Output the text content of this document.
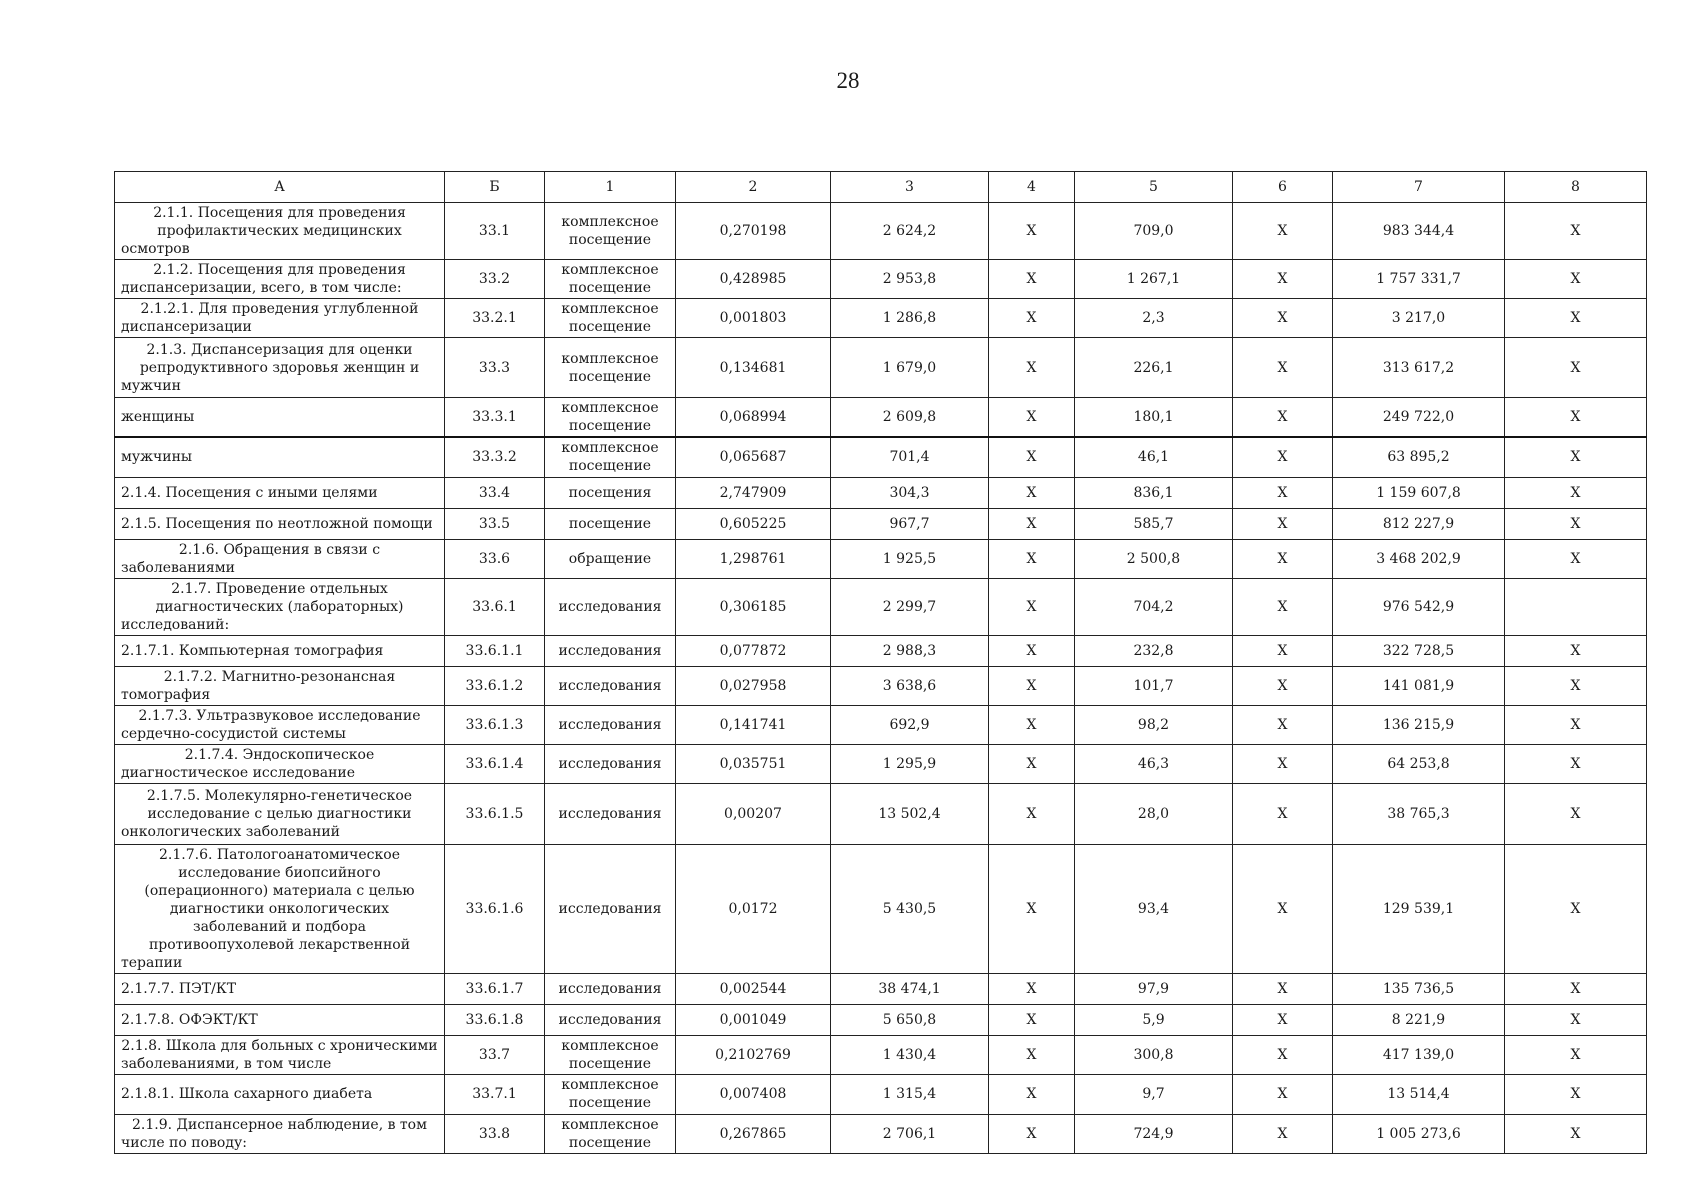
28
А	Б	1	2	3	4	5	6	7	8
2.1.1. Посещения для проведения профилактических медицинских осмотров	33.1	комплексное посещение	0,270198	2 624,2	Х	709,0	Х	983 344,4	Х
2.1.2. Посещения для проведения диспансеризации, всего, в том числе:	33.2	комплексное посещение	0,428985	2 953,8	Х	1 267,1	Х	1 757 331,7	Х
2.1.2.1. Для проведения углубленной диспансеризации	33.2.1	комплексное посещение	0,001803	1 286,8	Х	2,3	Х	3 217,0	Х
2.1.3. Диспансеризация для оценки репродуктивного здоровья женщин и мужчин	33.3	комплексное посещение	0,134681	1 679,0	Х	226,1	Х	313 617,2	Х
женщины	33.3.1	комплексное посещение	0,068994	2 609,8	Х	180,1	Х	249 722,0	Х
мужчины	33.3.2	комплексное посещение	0,065687	701,4	Х	46,1	Х	63 895,2	Х
2.1.4. Посещения с иными целями	33.4	посещения	2,747909	304,3	Х	836,1	Х	1 159 607,8	Х
2.1.5. Посещения по неотложной помощи	33.5	посещение	0,605225	967,7	Х	585,7	Х	812 227,9	Х
2.1.6. Обращения в связи с заболеваниями	33.6	обращение	1,298761	1 925,5	Х	2 500,8	Х	3 468 202,9	Х
2.1.7. Проведение отдельных диагностических (лабораторных) исследований:	33.6.1	исследования	0,306185	2 299,7	Х	704,2	Х	976 542,9	
2.1.7.1. Компьютерная томография	33.6.1.1	исследования	0,077872	2 988,3	Х	232,8	Х	322 728,5	Х
2.1.7.2. Магнитно-резонансная томография	33.6.1.2	исследования	0,027958	3 638,6	Х	101,7	Х	141 081,9	Х
2.1.7.3. Ультразвуковое исследование сердечно-сосудистой системы	33.6.1.3	исследования	0,141741	692,9	Х	98,2	Х	136 215,9	Х
2.1.7.4. Эндоскопическое диагностическое исследование	33.6.1.4	исследования	0,035751	1 295,9	Х	46,3	Х	64 253,8	Х
2.1.7.5. Молекулярно-генетическое исследование с целью диагностики онкологических заболеваний	33.6.1.5	исследования	0,00207	13 502,4	Х	28,0	Х	38 765,3	Х
2.1.7.6. Патологоанатомическое исследование биопсийного (операционного) материала с целью диагностики онкологических заболеваний и подбора противоопухолевой лекарственной терапии	33.6.1.6	исследования	0,0172	5 430,5	Х	93,4	Х	129 539,1	Х
2.1.7.7. ПЭТ/КТ	33.6.1.7	исследования	0,002544	38 474,1	Х	97,9	Х	135 736,5	Х
2.1.7.8. ОФЭКТ/КТ	33.6.1.8	исследования	0,001049	5 650,8	Х	5,9	Х	8 221,9	Х
2.1.8. Школа для больных с хроническими заболеваниями, в том числе	33.7	комплексное посещение	0,2102769	1 430,4	Х	300,8	Х	417 139,0	Х
2.1.8.1. Школа сахарного диабета	33.7.1	комплексное посещение	0,007408	1 315,4	Х	9,7	Х	13 514,4	Х
2.1.9. Диспансерное наблюдение, в том числе по поводу:	33.8	комплексное посещение	0,267865	2 706,1	Х	724,9	Х	1 005 273,6	Х
